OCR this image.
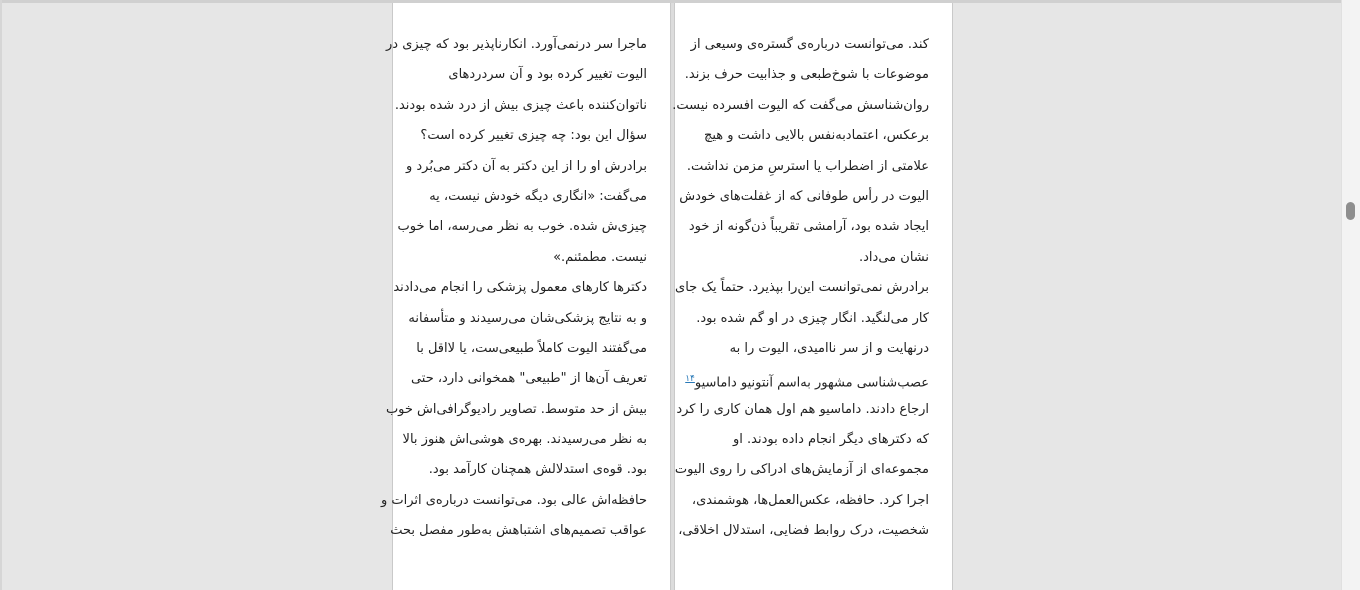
ماجرا سر درنمی‌آورد. انکارناپذیر بود که چیزی در
الیوت تغییر کرده بود و آن سردردهای
ناتوان‌کننده باعث چیزی بیش از درد شده بودند.
سؤال این بود: چه چیزی تغییر کرده است؟
برادرش او را از این دکتر به آن دکتر می‌بُرد و
می‌گفت: «انگاری دیگه خودش نیست، یه
چیزی‌ش شده. خوب به نظر می‌رسه، اما خوب
نیست. مطمئنم.»
دکترها کارهای معمول پزشکی را انجام می‌دادند
و به نتایج پزشکی‌شان می‌رسیدند و متأسفانه
می‌گفتند الیوت کاملاً طبیعی‌ست، یا لااقل با
تعریف آن‌ها از "طبیعی" همخوانی دارد، حتی
بیش از حد متوسط. تصاویر رادیوگرافی‌اش خوب
به نظر می‌رسیدند. بهره‌ی هوشی‌اش هنوز بالا
بود. قوه‌ی استدلالش همچنان کارآمد بود.
حافظه‌اش عالی بود. می‌توانست درباره‌ی اثرات و
عواقب تصمیم‌های اشتباهش به‌طور مفصل بحث
کند. می‌توانست درباره‌ی گستره‌ی وسیعی از
موضوعات با شوخ‌طبعی و جذابیت حرف بزند.
روان‌شناسش می‌گفت که الیوت افسرده نیست.
برعکس، اعتمادبه‌نفس بالایی داشت و هیچ
علامتی از اضطراب یا استرسِ مزمن نداشت.
الیوت در رأس طوفانی که از غفلت‌های خودش
ایجاد شده بود، آرامشی تقریباً ذن‌گونه از خود
نشان می‌داد.
برادرش نمی‌توانست این‌را بپذیرد. حتماً یک جای
کار می‌لنگید. انگار چیزی در او گم شده بود.
درنهایت و از سر ناامیدی، الیوت را به
عصب‌شناسی مشهور به‌اسم آنتونیو داماسیو$^{۱۴}$
ارجاع دادند. داماسیو هم اول همان کاری را کرد
که دکترهای دیگر انجام داده بودند. او
مجموعه‌ای از آزمایش‌های ادراکی را روی الیوت
اجرا کرد. حافظه، عکس‌العمل‌ها، هوشمندی،
شخصیت، درک روابط فضایی، استدلال اخلاقی،
